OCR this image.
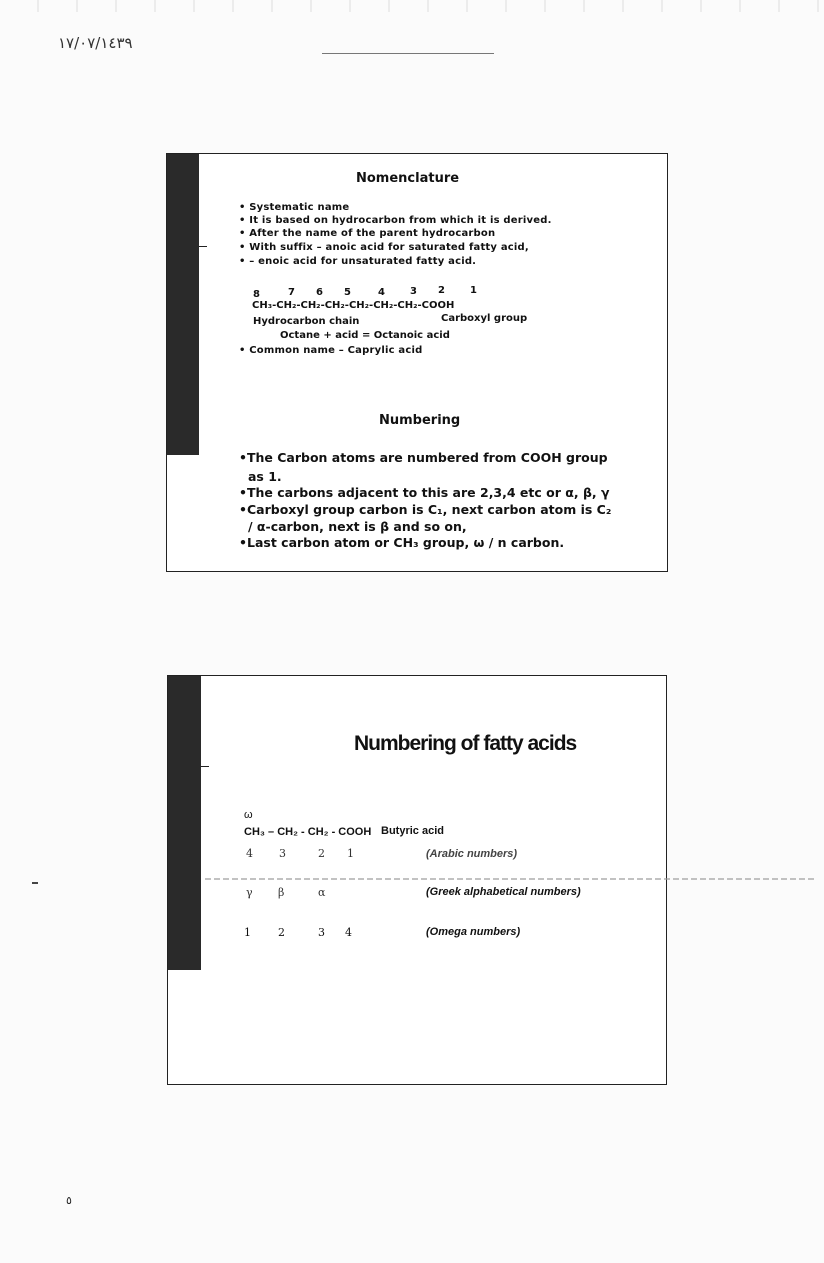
١٧/٠٧/١٤٣٩
Nomenclature
• Systematic name
• It is based on hydrocarbon from which it is derived.
• After the name of the parent hydrocarbon
• With suffix – anoic acid for saturated fatty acid,
• – enoic acid for unsaturated fatty acid.
8	7 6 5	4	3 2	1
CH₃-CH₂-CH₂-CH₂-CH₂-CH₂-CH₂-COOH
Hydrocarbon chain	Carboxyl group
Octane + acid = Octanoic acid
• Common name – Caprylic acid
Numbering
•The Carbon atoms are numbered from COOH group
as 1.
•The carbons adjacent to this are 2,3,4 etc or α, β, γ
•Carboxyl group carbon is C₁, next carbon atom is C₂
/ α-carbon, next is β and so on,
•Last carbon atom or CH₃ group, ω / n carbon.
Numbering of fatty acids
ω
CH₃ – CH₂ - CH₂ - COOH Butyric acid
4 3	2 1	(Arabic numbers)
γ β	α	(Greek alphabetical numbers)
1 2	3 4	(Omega numbers)
٥
